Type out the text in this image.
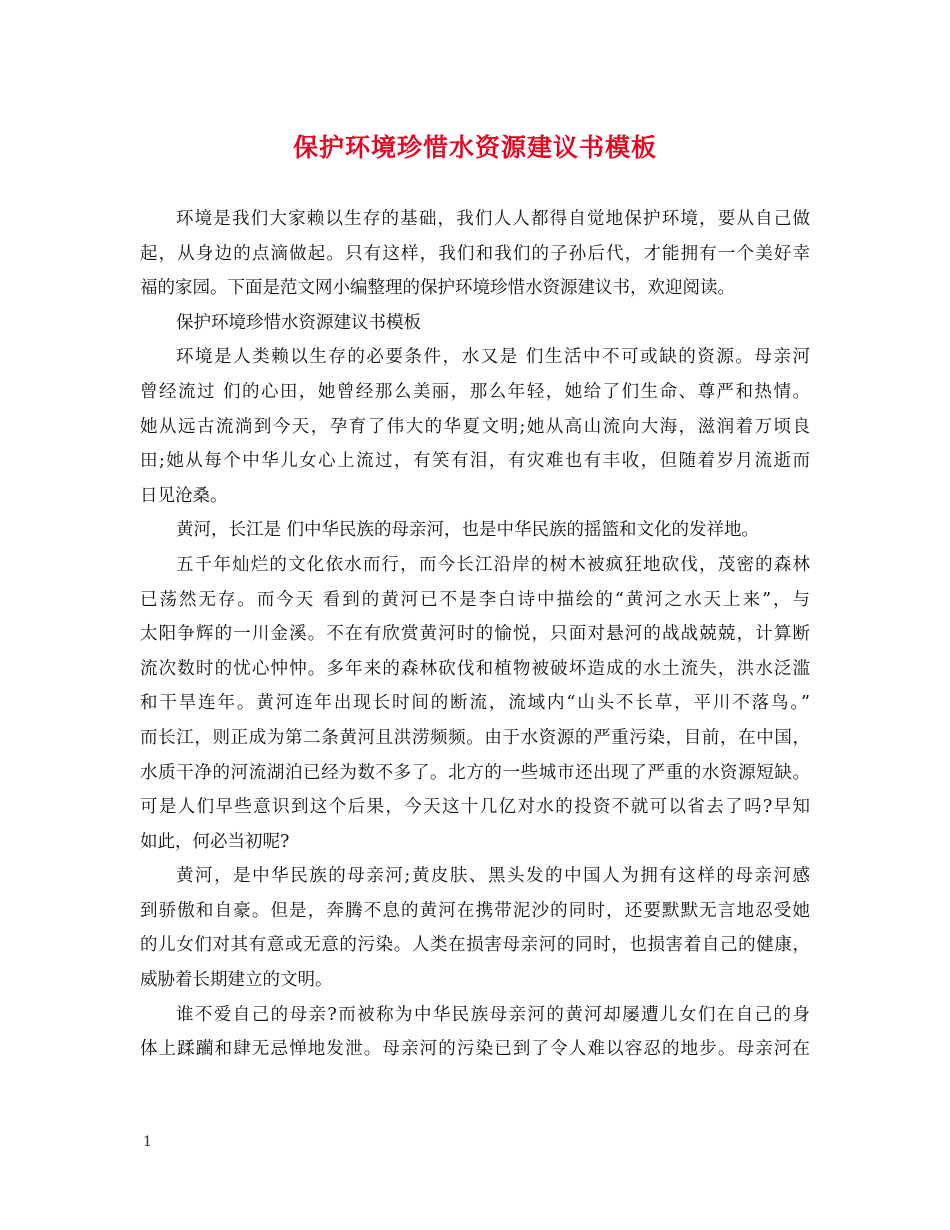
保护环境珍惜水资源建议书模板
环境是我们大家赖以生存的基础，我们人人都得自觉地保护环境，要从自己做
起，从身边的点滴做起。只有这样，我们和我们的子孙后代，才能拥有一个美好幸
福的家园。下面是范文网小编整理的保护环境珍惜水资源建议书，欢迎阅读。
保护环境珍惜水资源建议书模板
环境是人类赖以生存的必要条件，水又是 们生活中不可或缺的资源。母亲河
曾经流过 们的心田，她曾经那么美丽，那么年轻，她给了们生命、尊严和热情。
她从远古流淌到今天，孕育了伟大的华夏文明;她从高山流向大海，滋润着万顷良
田;她从每个中华儿女心上流过，有笑有泪，有灾难也有丰收，但随着岁月流逝而
日见沧桑。
黄河，长江是 们中华民族的母亲河，也是中华民族的摇篮和文化的发祥地。
五千年灿烂的文化依水而行，而今长江沿岸的树木被疯狂地砍伐，茂密的森林
已荡然无存。而今天 看到的黄河已不是李白诗中描绘的“黄河之水天上来”，与
太阳争辉的一川金溪。不在有欣赏黄河时的愉悦，只面对悬河的战战兢兢，计算断
流次数时的忧心忡忡。多年来的森林砍伐和植物被破坏造成的水土流失，洪水泛滥
和干旱连年。黄河连年出现长时间的断流，流域内“山头不长草，平川不落鸟。”
而长江，则正成为第二条黄河且洪涝频频。由于水资源的严重污染，目前，在中国，
水质干净的河流湖泊已经为数不多了。北方的一些城市还出现了严重的水资源短缺。
可是人们早些意识到这个后果，今天这十几亿对水的投资不就可以省去了吗?早知
如此，何必当初呢?
黄河，是中华民族的母亲河;黄皮肤、黑头发的中国人为拥有这样的母亲河感
到骄傲和自豪。但是，奔腾不息的黄河在携带泥沙的同时，还要默默无言地忍受她
的儿女们对其有意或无意的污染。人类在损害母亲河的同时，也损害着自己的健康，
威胁着长期建立的文明。
谁不爱自己的母亲?而被称为中华民族母亲河的黄河却屡遭儿女们在自己的身
体上蹂躏和肆无忌惮地发泄。母亲河的污染已到了令人难以容忍的地步。母亲河在
1
